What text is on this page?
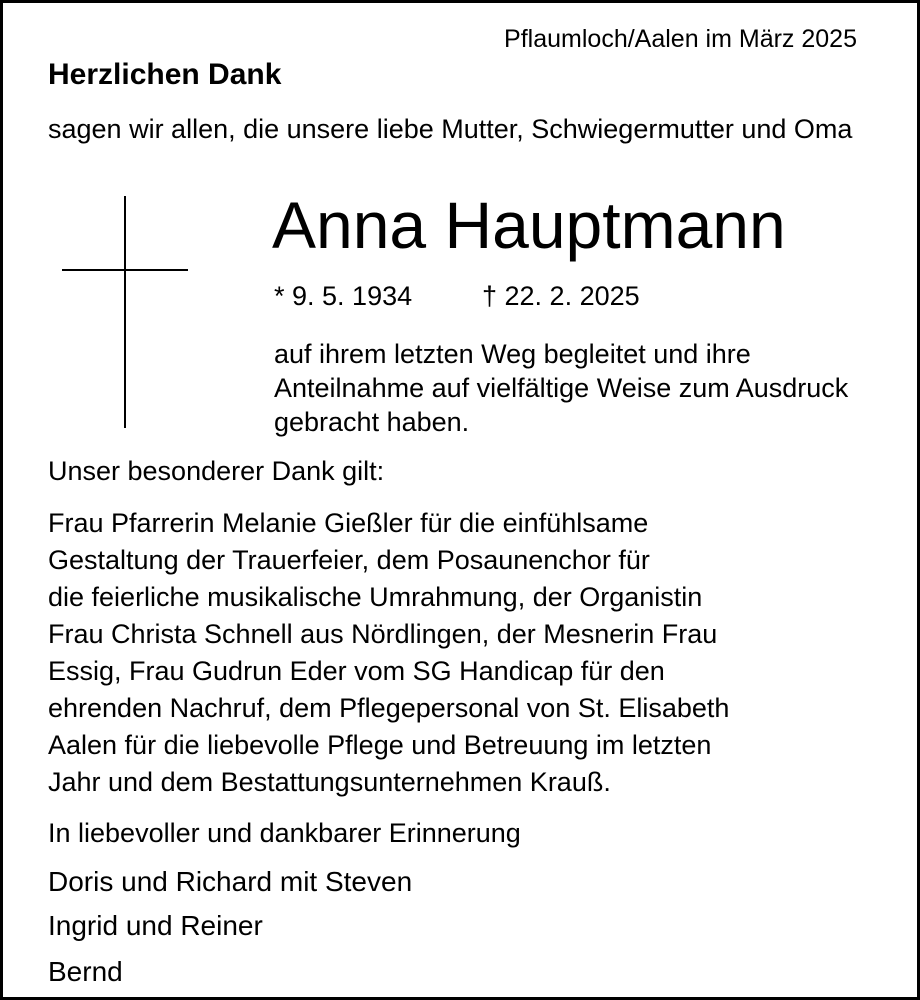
Pflaumloch/Aalen im März 2025
Herzlichen Dank
sagen wir allen, die unsere liebe Mutter, Schwiegermutter und Oma
Anna Hauptmann
* 9. 5. 1934	† 22. 2. 2025
auf ihrem letzten Weg begleitet und ihre Anteilnahme auf vielfältige Weise zum Ausdruck gebracht haben.
Unser besonderer Dank gilt:
Frau Pfarrerin Melanie Gießler für die einfühlsame
Gestaltung der Trauerfeier, dem Posaunenchor für
die feierliche musikalische Umrahmung, der Organistin
Frau Christa Schnell aus Nördlingen, der Mesnerin Frau
Essig, Frau Gudrun Eder vom SG Handicap für den
ehrenden Nachruf, dem Pflegepersonal von St. Elisabeth
Aalen für die liebevolle Pflege und Betreuung im letzten
Jahr und dem Bestattungsunternehmen Krauß.
In liebevoller und dankbarer Erinnerung
Doris und Richard mit Steven
Ingrid und Reiner
Bernd
